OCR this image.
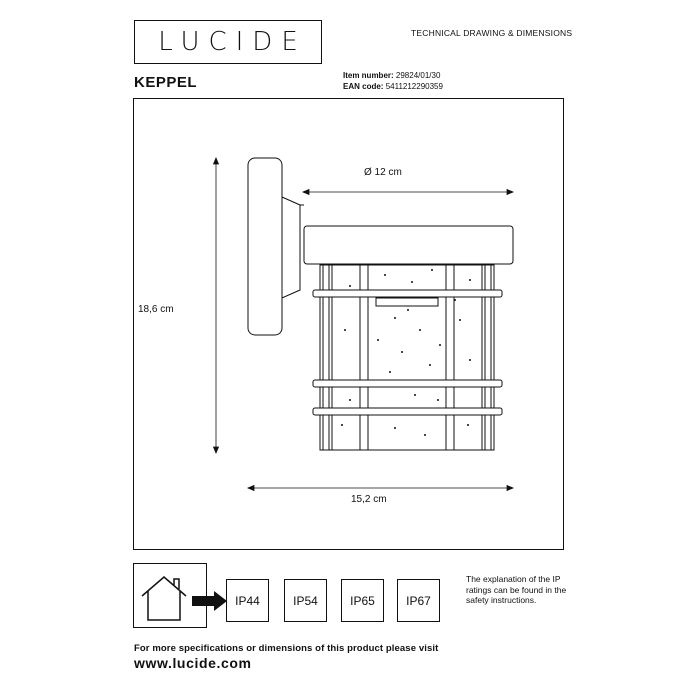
LUCIDE	TECHNICAL DRAWING & DIMENSIONS
KEPPEL	Item number: 29824/01/30
EAN code: 5411212290359
Ø 12 cm
18,6 cm
15,2 cm
IP44	IP54	IP65	IP67
The explanation of the IP ratings can be found in the safety instructions.
For more specifications or dimensions of this product please visit
www.lucide.com
